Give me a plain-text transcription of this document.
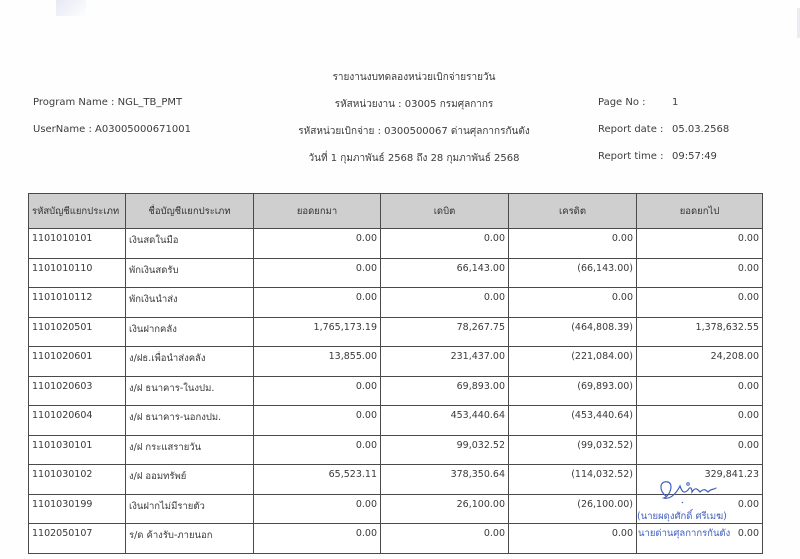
รายงานงบทดลองหน่วยเบิกจ่ายรายวัน
Program Name : NGL_TB_PMT	รหัสหน่วยงาน : 03005 กรมศุลกากร	Page No :	1
UserName : A03005000671001	รหัสหน่วยเบิกจ่าย : 0300500067 ด่านศุลกากรกันตัง	Report date : 05.03.2568
วันที่ 1 กุมภาพันธ์ 2568 ถึง 28 กุมภาพันธ์ 2568	Report time : 09:57:49
รหัสบัญชีแยกประเภท	ชื่อบัญชีแยกประเภท	ยอดยกมา	เดบิต	เครดิต	ยอดยกไป
1101010101	เงินสดในมือ	0.00	0.00	0.00	0.00
1101010110	พักเงินสดรับ	0.00	66,143.00	(66,143.00)	0.00
1101010112	พักเงินนำส่ง	0.00	0.00	0.00	0.00
1101020501	เงินฝากคลัง	1,765,173.19	78,267.75	(464,808.39)	1,378,632.55
1101020601	ง/ฝธ.เพื่อนำส่งคลัง	13,855.00	231,437.00	(221,084.00)	24,208.00
1101020603	ง/ฝ ธนาคาร-ในงปม.	0.00	69,893.00	(69,893.00)	0.00
1101020604	ง/ฝ ธนาคาร-นอกงปม.	0.00	453,440.64	(453,440.64)	0.00
1101030101	ง/ฝ กระแสรายวัน	0.00	99,032.52	(99,032.52)	0.00
1101030102	ง/ฝ ออมทรัพย์	65,523.11	378,350.64	(114,032.52)	329,841.23
1101030199	เงินฝากไม่มีรายตัว	0.00	26,100.00	(26,100.00)	0.00
1102050107	ร/ด ค้างรับ-ภายนอก	0.00	0.00	0.00	0.00
(นายผดุงศักดิ์ ศรีเมฆ)
นายด่านศุลกากรกันตัง
